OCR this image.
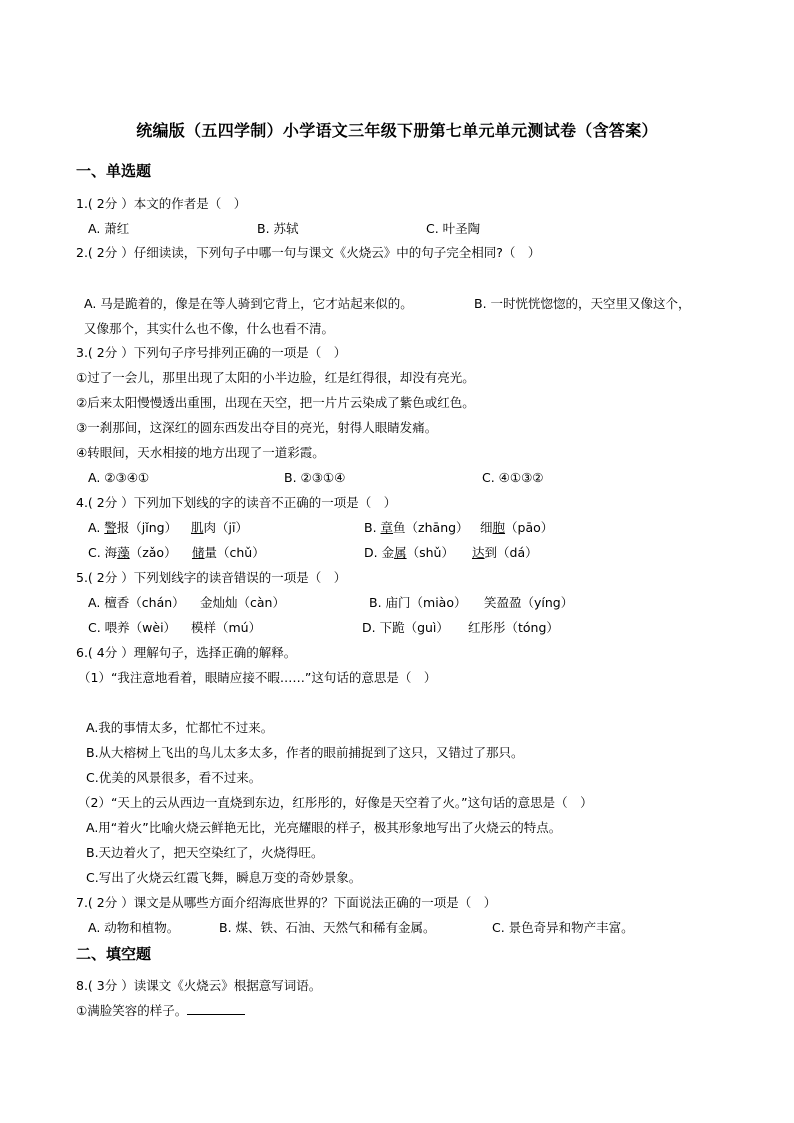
统编版（五四学制）小学语文三年级下册第七单元单元测试卷（含答案）
一、单选题
1.( 2分 ）本文的作者是（　）
A. 萧红	B. 苏轼	C. 叶圣陶
2.( 2分 ）仔细读读，下列句子中哪一句与课文《火烧云》中的句子完全相同?（　）
A. 马是跪着的，像是在等人骑到它背上，它才站起来似的。	B. 一时恍恍惚惚的，天空里又像这个，
又像那个，其实什么也不像，什么也看不清。
3.( 2分 ）下列句子序号排列正确的一项是（　）
①过了一会儿，那里出现了太阳的小半边脸，红是红得很，却没有亮光。
②后来太阳慢慢透出重围，出现在天空，把一片片云染成了紫色或红色。
③一刹那间，这深红的圆东西发出夺目的亮光，射得人眼睛发痛。
④转眼间，天水相接的地方出现了一道彩霞。
A. ②③④①	B. ②③①④	C. ④①③②
4.( 2分 ）下列加下划线的字的读音不正确的一项是（　）
A. 警报（jǐng） 肌肉（jī）	B. 章鱼（zhāng） 细胞（pāo）
C. 海藻（zǎo） 储量（chǔ）	D. 金属（shǔ） 达到（dá）
5.( 2分 ）下列划线字的读音错误的一项是（　）
A. 檀香（chán） 金灿灿（càn）	B. 庙门（miào） 笑盈盈（yíng）
C. 喂养（wèi） 模样（mú）	D. 下跪（guì） 红彤彤（tóng）
6.( 4分 ）理解句子，选择正确的解释。
（1）“我注意地看着，眼睛应接不暇……”这句话的意思是（　）
A.我的事情太多，忙都忙不过来。
B.从大榕树上飞出的鸟儿太多太多，作者的眼前捕捉到了这只，又错过了那只。
C.优美的风景很多，看不过来。
（2）“天上的云从西边一直烧到东边，红彤彤的，好像是天空着了火。”这句话的意思是（　）
A.用“着火”比喻火烧云鲜艳无比，光亮耀眼的样子，极其形象地写出了火烧云的特点。
B.天边着火了，把天空染红了，火烧得旺。
C.写出了火烧云红霞飞舞，瞬息万变的奇妙景象。
7.( 2分 ）课文是从哪些方面介绍海底世界的？下面说法正确的一项是（　）
A. 动物和植物。	B. 煤、铁、石油、天然气和稀有金属。	C. 景色奇异和物产丰富。
二、填空题
8.( 3分 ）读课文《火烧云》根据意写词语。
①满脸笑容的样子。
